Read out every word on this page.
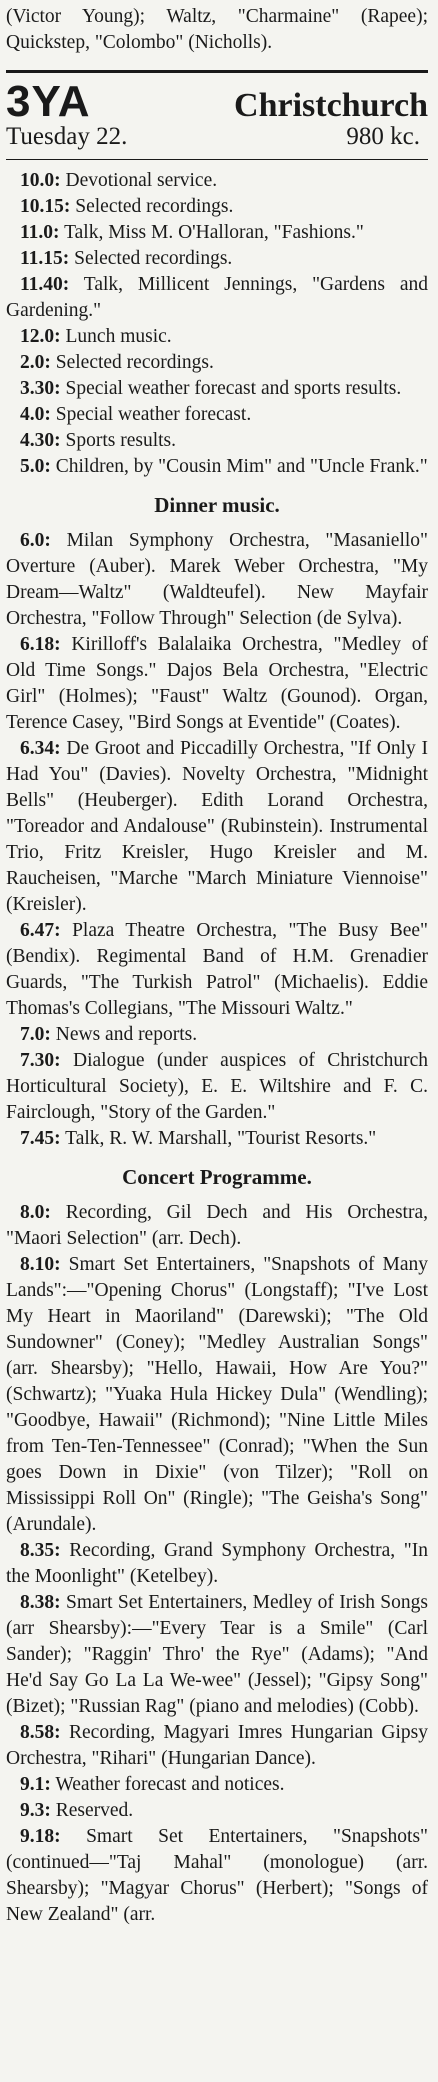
(Victor Young); Waltz, "Charmaine" (Rapee); Quickstep, "Colombo" (Nicholls).

3YA	Christchurch
Tuesday 22.	980 kc.

10.0: Devotional service.

10.15: Selected recordings.

11.0: Talk, Miss M. O'Halloran, "Fashions."

11.15: Selected recordings.

11.40: Talk, Millicent Jennings, "Gardens and Gardening."

12.0: Lunch music.

2.0: Selected recordings.

3.30: Special weather forecast and sports results.

4.0: Special weather forecast.

4.30: Sports results.

5.0: Children, by "Cousin Mim" and "Uncle Frank."

Dinner music.

6.0: Milan Symphony Orchestra, "Masaniello" Overture (Auber). Marek Weber Orchestra, "My Dream—Waltz" (Waldteufel). New Mayfair Orchestra, "Follow Through" Selection (de Sylva).

6.18: Kirilloff's Balalaika Orchestra, "Medley of Old Time Songs." Dajos Bela Orchestra, "Electric Girl" (Holmes); "Faust" Waltz (Gounod). Organ, Terence Casey, "Bird Songs at Eventide" (Coates).

6.34: De Groot and Piccadilly Orchestra, "If Only I Had You" (Davies). Novelty Orchestra, "Midnight Bells" (Heuberger). Edith Lorand Orchestra, "Toreador and Andalouse" (Rubinstein). Instrumental Trio, Fritz Kreisler, Hugo Kreisler and M. Raucheisen, "Marche "March Miniature Viennoise" (Kreisler).

6.47: Plaza Theatre Orchestra, "The Busy Bee" (Bendix). Regimental Band of H.M. Grenadier Guards, "The Turkish Patrol" (Michaelis). Eddie Thomas's Collegians, "The Missouri Waltz."

7.0: News and reports.

7.30: Dialogue (under auspices of Christchurch Horticultural Society), E. E. Wiltshire and F. C. Fairclough, "Story of the Garden."

7.45: Talk, R. W. Marshall, "Tourist Resorts."

Concert Programme.

8.0: Recording, Gil Dech and His Orchestra, "Maori Selection" (arr. Dech).

8.10: Smart Set Entertainers, "Snapshots of Many Lands":—"Opening Chorus" (Longstaff); "I've Lost My Heart in Maoriland" (Darewski); "The Old Sundowner" (Coney); "Medley Australian Songs" (arr. Shearsby); "Hello, Hawaii, How Are You?" (Schwartz); "Yuaka Hula Hickey Dula" (Wendling); "Goodbye, Hawaii" (Richmond); "Nine Little Miles from Ten-Ten-Tennessee" (Conrad); "When the Sun goes Down in Dixie" (von Tilzer); "Roll on Mississippi Roll On" (Ringle); "The Geisha's Song" (Arundale).

8.35: Recording, Grand Symphony Orchestra, "In the Moonlight" (Ketelbey).

8.38: Smart Set Entertainers, Medley of Irish Songs (arr Shearsby):—"Every Tear is a Smile" (Carl Sander); "Raggin' Thro' the Rye" (Adams); "And He'd Say Go La La We-wee" (Jessel); "Gipsy Song" (Bizet); "Russian Rag" (piano and melodies) (Cobb).

8.58: Recording, Magyari Imres Hungarian Gipsy Orchestra, "Rihari" (Hungarian Dance).

9.1: Weather forecast and notices.

9.3: Reserved.

9.18: Smart Set Entertainers, "Snapshots" (continued—"Taj Mahal" (monologue) (arr. Shearsby); "Magyar Chorus" (Herbert); "Songs of New Zealand" (arr.
